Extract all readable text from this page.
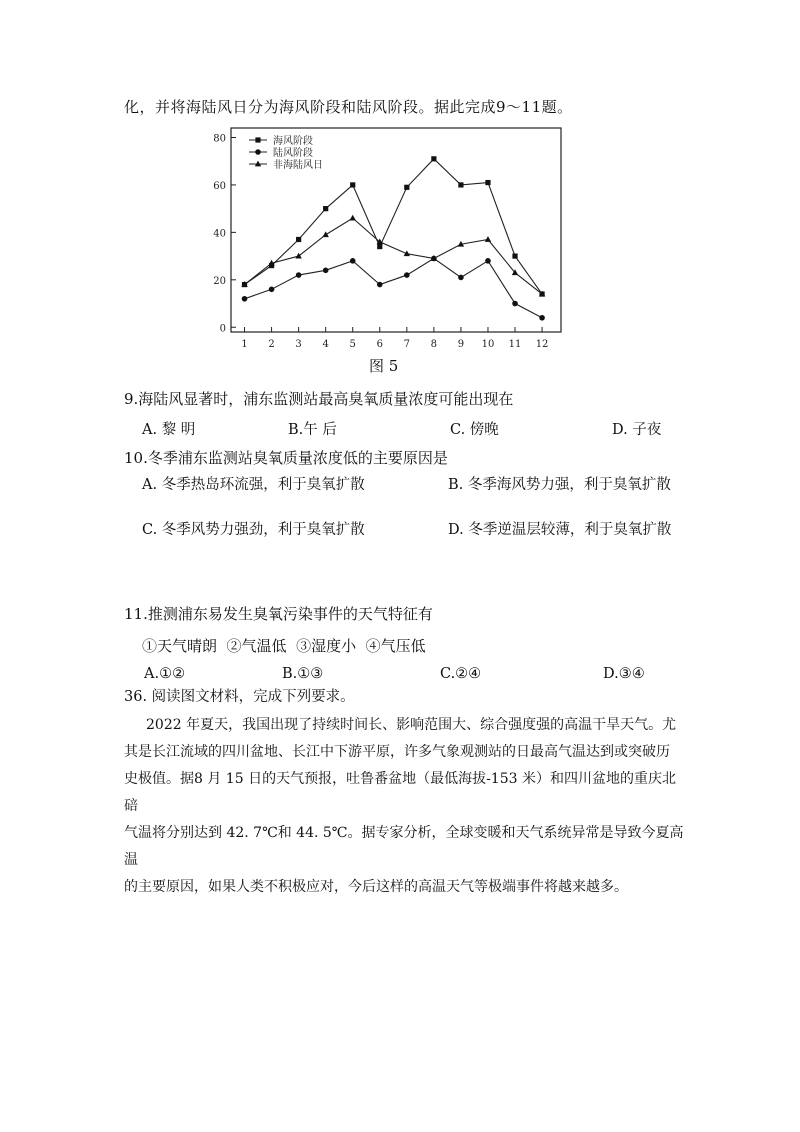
化，并将海陆风日分为海风阶段和陆风阶段。据此完成9～11题。
0
20
40
60
80
1 2 3 4 5 6 7 8 9 10 11 12
海风阶段
陆风阶段
非海陆风日
图 5
9.海陆风显著时，浦东监测站最高臭氧质量浓度可能出现在
A. 黎 明	B.午 后	C. 傍晚	D. 子夜
10.冬季浦东监测站臭氧质量浓度低的主要原因是
A. 冬季热岛环流强，利于臭氧扩散	B. 冬季海风势力强，利于臭氧扩散
C. 冬季风势力强劲，利于臭氧扩散	D. 冬季逆温层较薄，利于臭氧扩散
11.推测浦东易发生臭氧污染事件的天气特征有
①天气晴朗  ②气温低  ③湿度小  ④气压低
A.①②	B.①③	C.②④	D.③④
36. 阅读图文材料，完成下列要求。
2022 年夏天，我国出现了持续时间长、影响范围大、综合强度强的高温干旱天气。尤
其是长江流域的四川盆地、长江中下游平原，许多气象观测站的日最高气温达到或突破历
史极值。据8 月 15 日的天气预报，吐鲁番盆地（最低海拔-153 米）和四川盆地的重庆北碚
气温将分别达到 42. 7℃和 44. 5℃。据专家分析，全球变暖和天气系统异常是导致今夏高温
的主要原因，如果人类不积极应对，今后这样的高温天气等极端事件将越来越多。
